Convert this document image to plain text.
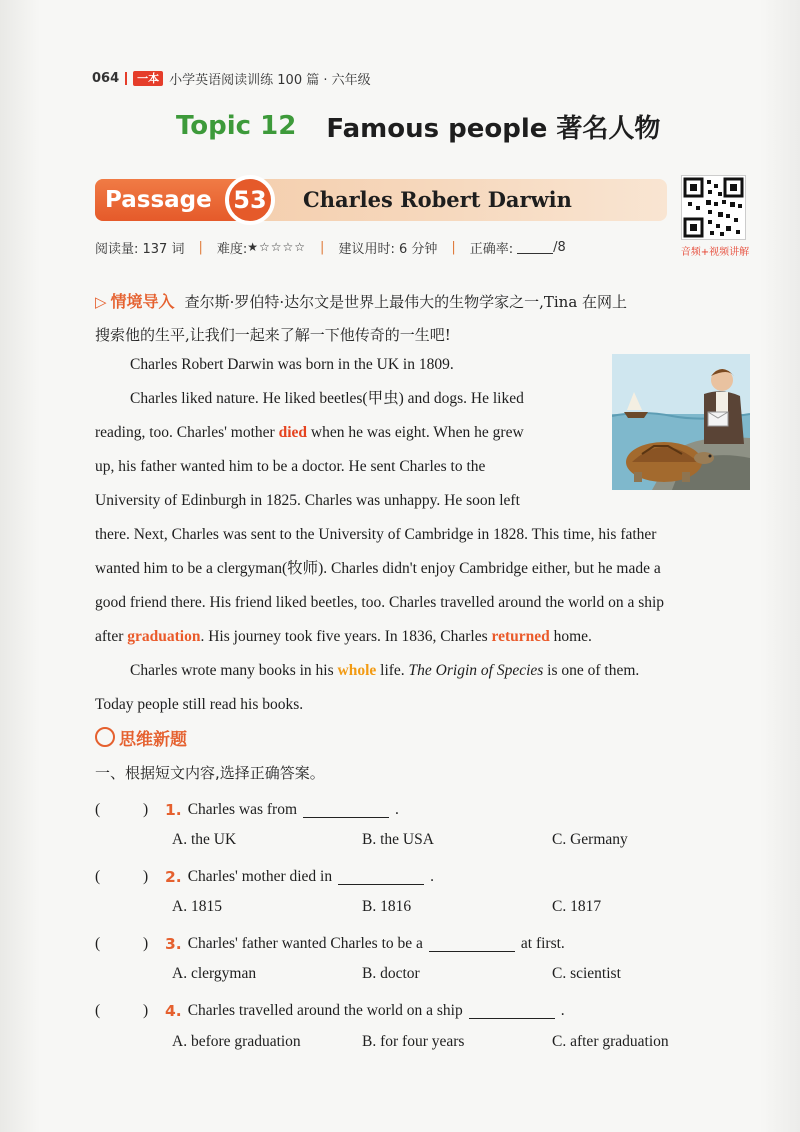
064	一本 小学英语阅读训练 100 篇 · 六年级
Topic 12 Famous people 著名人物
Passage 53	Charles Robert Darwin
音频+视频讲解
阅读量: 137 词 | 难度: ★☆☆☆☆ | 建议用时: 6 分钟 | 正确率:	/8
▷ 情境导入 查尔斯·罗伯特·达尔文是世界上最伟大的生物学家之一,Tina 在网上
搜索他的生平,让我们一起来了解一下他传奇的一生吧!
Charles Robert Darwin was born in the UK in 1809.
Charles liked nature. He liked beetles(甲虫) and dogs. He liked
reading, too. Charles' mother died when he was eight. When he grew
up, his father wanted him to be a doctor. He sent Charles to the
University of Edinburgh in 1825. Charles was unhappy. He soon left
there. Next, Charles was sent to the University of Cambridge in 1828. This time, his father
wanted him to be a clergyman(牧师). Charles didn't enjoy Cambridge either, but he made a
good friend there. His friend liked beetles, too. Charles travelled around the world on a ship
after graduation. His journey took five years. In 1836, Charles returned home.
Charles wrote many books in his whole life. The Origin of Species is one of them.
Today people still read his books.
思维新题
一、根据短文内容,选择正确答案。
(	)	1. Charles was from	.
A. the UK	B. the USA	C. Germany
(	)	2. Charles' mother died in	.
A. 1815	B. 1816	C. 1817
(	)	3. Charles' father wanted Charles to be a	at first.
A. clergyman	B. doctor	C. scientist
(	)	4. Charles travelled around the world on a ship	.
A. before graduation	B. for four years	C. after graduation
